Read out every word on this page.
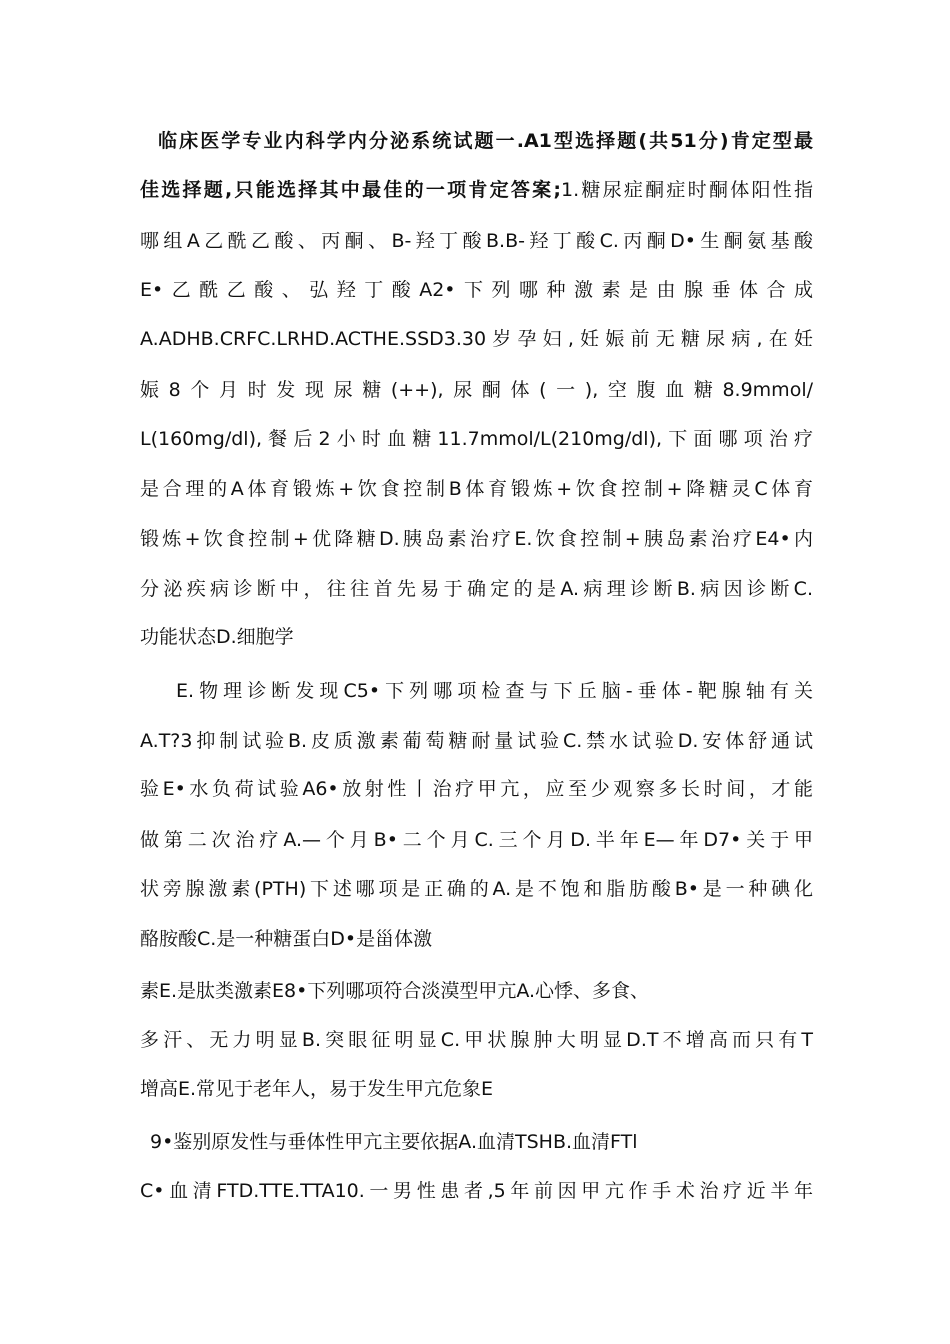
临床医学专业内科学内分泌系统试题一.A1型选择题(共51分)肯定型最
佳选择题,只能选择其中最佳的一项肯定答案;1.糖尿症酮症时酮体阳性指
哪组A乙酰乙酸、丙酮、B-羟丁酸B.B-羟丁酸C.丙酮D•生酮氨基酸
E•乙酰乙酸、弘羟丁酸A2•下列哪种激素是由腺垂体合成
A.ADHB.CRFC.LRHD.ACTHE.SSD3.30岁孕妇,妊娠前无糖尿病,在妊
娠8个月时发现尿糖(++),尿酮体(一),空腹血糖8.9mmol/
L(160mg/dl),餐后2小时血糖11.7mmol/L(210mg/dl),下面哪项治疗
是合理的A体育锻炼+饮食控制B体育锻炼+饮食控制+降糖灵C体育
锻炼+饮食控制+优降糖D.胰岛素治疗E.饮食控制+胰岛素治疗E4•内
分泌疾病诊断中，往往首先易于确定的是A.病理诊断B.病因诊断C.
功能状态D.细胞学
E.物理诊断发现C5•下列哪项检查与下丘脑-垂体-靶腺轴有关
A.T?3抑制试验B.皮质激素葡萄糖耐量试验C.禁水试验D.安体舒通试
验E•水负荷试验A6•放射性丨治疗甲亢，应至少观察多长时间，才能
做第二次治疗A.—个月B•二个月C.三个月D.半年E—年D7•关于甲
状旁腺激素(PTH)下述哪项是正确的A.是不饱和脂肪酸B•是一种碘化
酪胺酸C.是一种糖蛋白D•是甾体激
素E.是肽类激素E8•下列哪项符合淡漠型甲亢A.心悸、多食、
多汗、无力明显B.突眼征明显C.甲状腺肿大明显D.T不增高而只有T
增高E.常见于老年人，易于发生甲亢危象E
9•鉴别原发性与垂体性甲亢主要依据A.血清TSHB.血清FTl
C•血清FTD.TTE.TTA10.一男性患者,5年前因甲亢作手术治疗近半年
